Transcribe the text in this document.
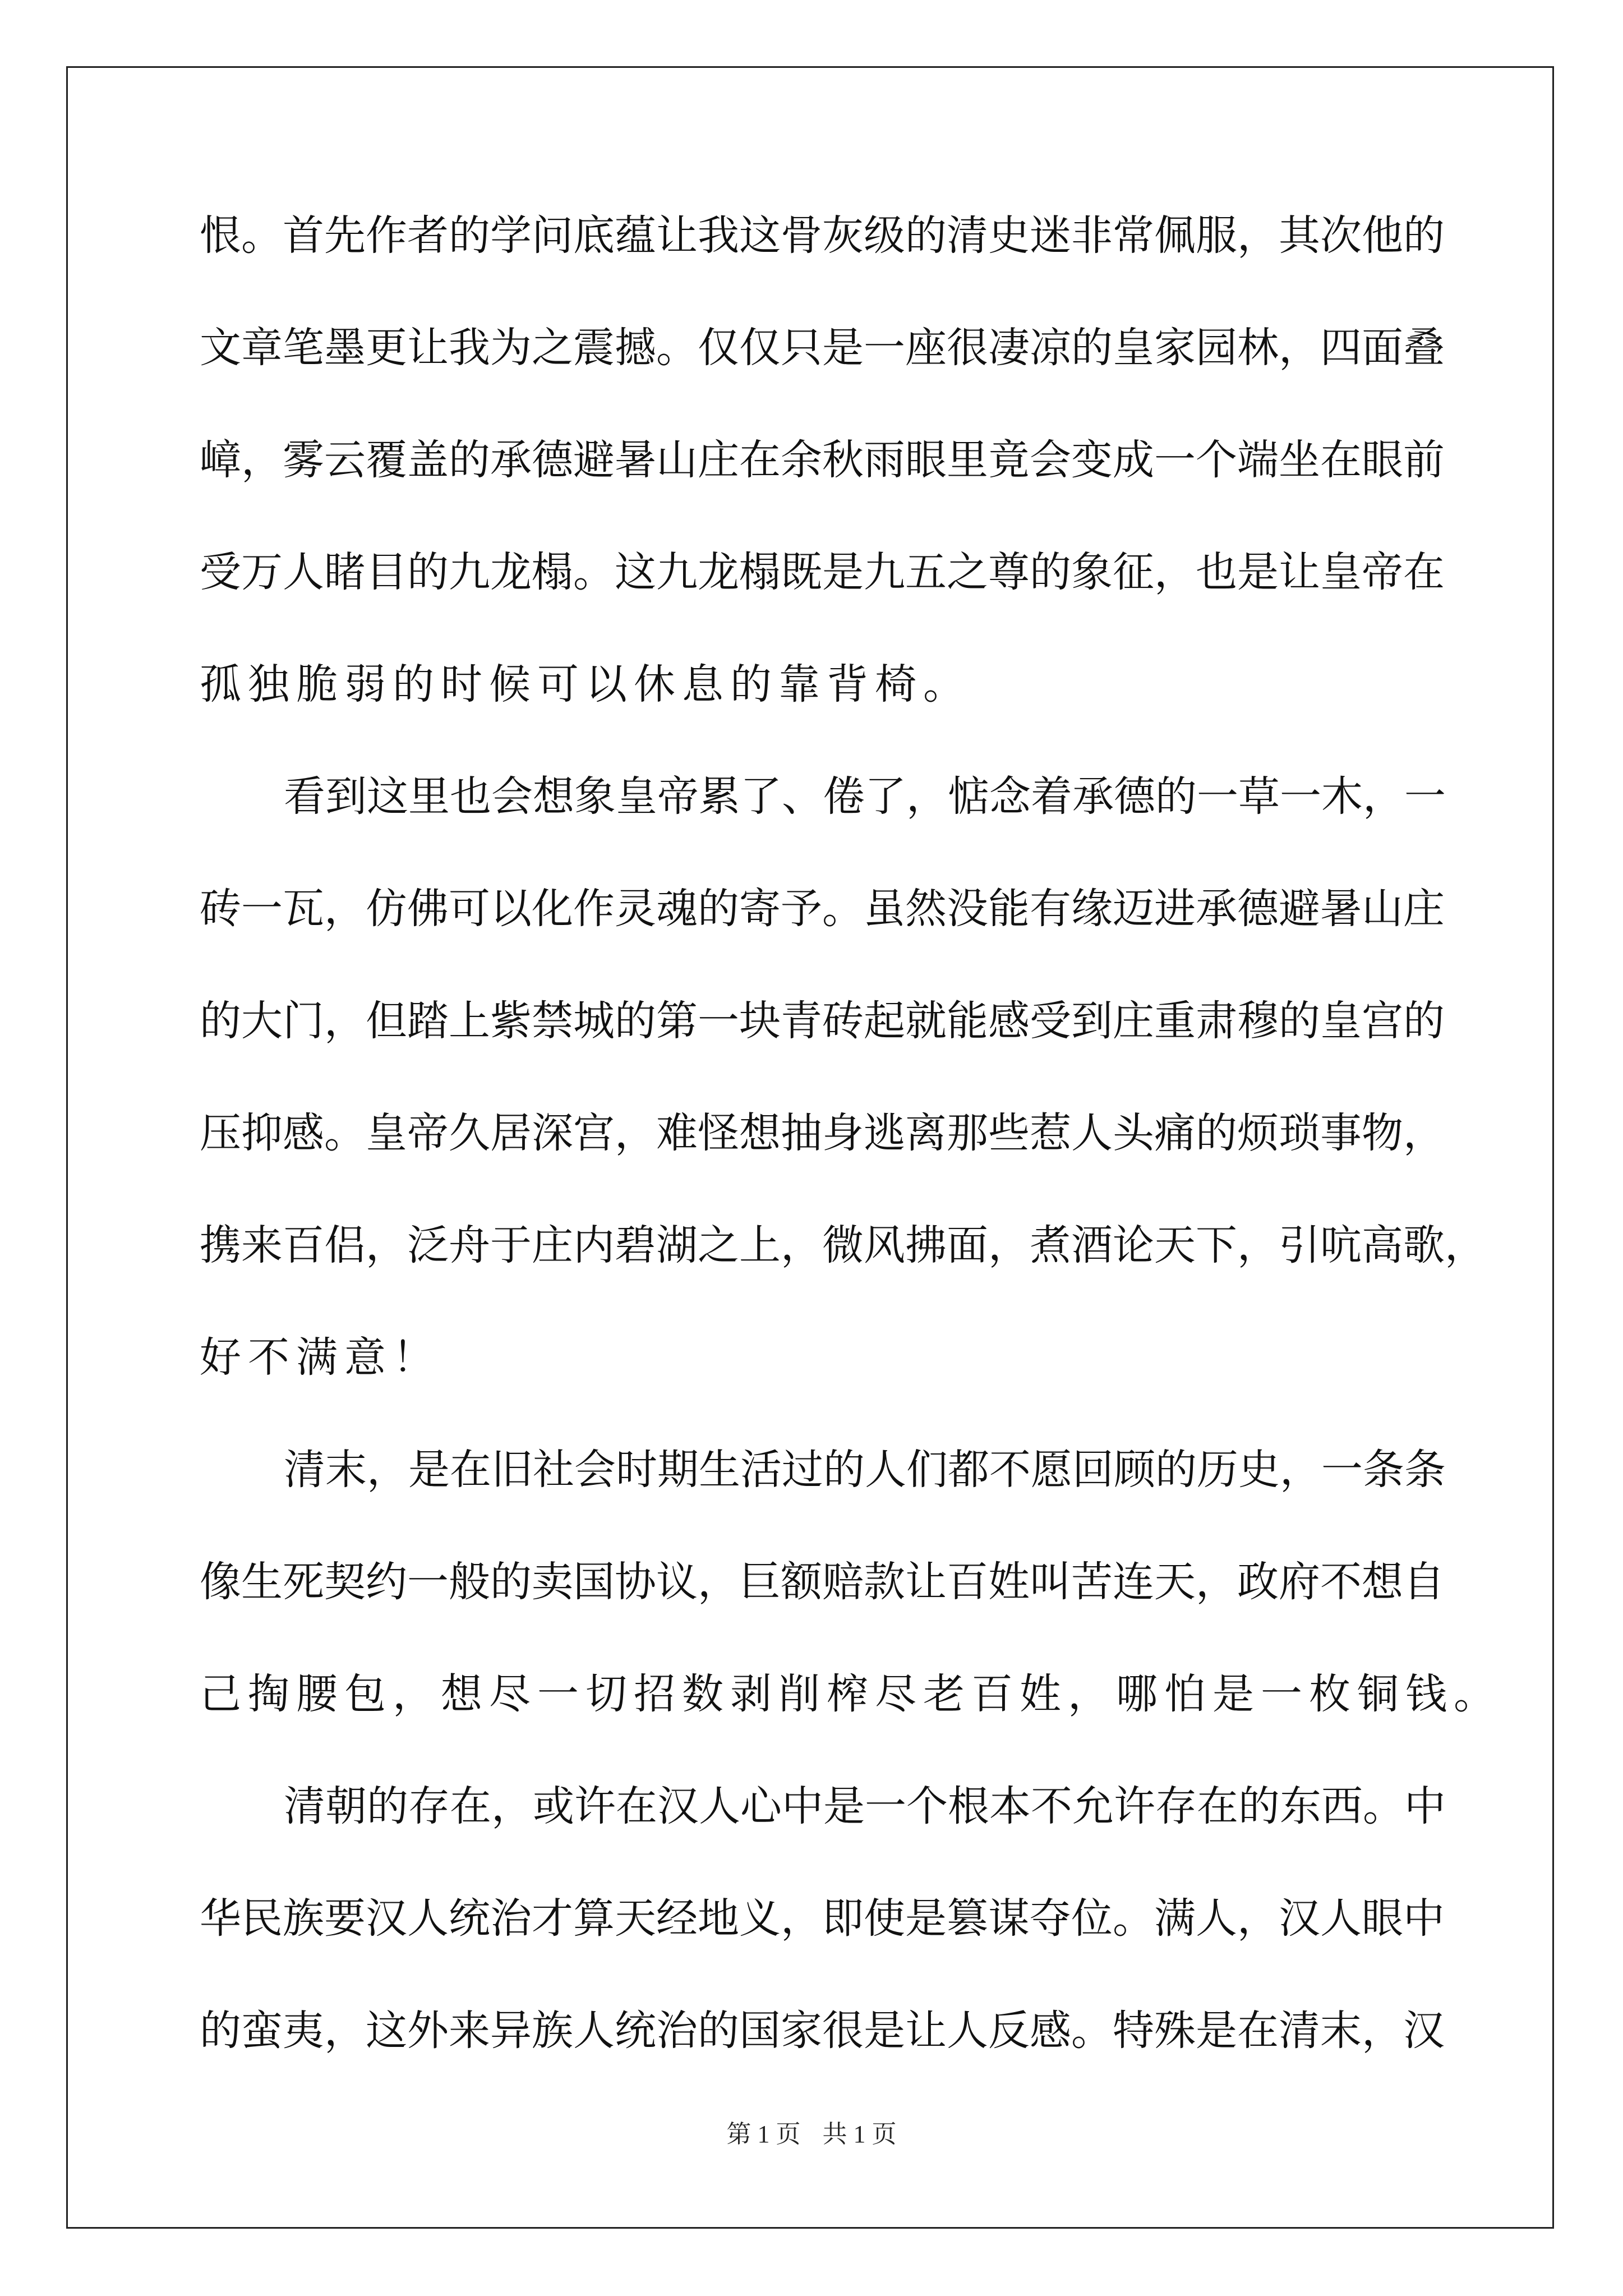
恨 。 首 先 作 者 的 学 问 底 蕴 让 我 这 骨 灰 级 的 清 史 迷 非 常 佩 服 ， 其 次 他 的
文 章 笔 墨 更 让 我 为 之 震 撼 。 仅 仅 只 是 一 座 很 凄 凉 的 皇 家 园 林 ， 四 面 叠
嶂 ， 雾 云 覆 盖 的 承 德 避 暑 山 庄 在 余 秋 雨 眼 里 竟 会 变 成 一 个 端 坐 在 眼 前
受 万 人 睹 目 的 九 龙 榻 。 这 九 龙 榻 既 是 九 五 之 尊 的 象 征 ， 也 是 让 皇 帝 在
孤独脆弱的时候可以休息的靠背椅。
看 到 这 里 也 会 想 象 皇 帝 累 了 、 倦 了 ， 惦 念 着 承 德 的 一 草 一 木 ， 一
砖 一 瓦 ， 仿 佛 可 以 化 作 灵 魂 的 寄 予 。 虽 然 没 能 有 缘 迈 进 承 德 避 暑 山 庄
的 大 门 ， 但 踏 上 紫 禁 城 的 第 一 块 青 砖 起 就 能 感 受 到 庄 重 肃 穆 的 皇 宫 的
压 抑 感 。 皇 帝 久 居 深 宫 ， 难 怪 想 抽 身 逃 离 那 些 惹 人 头 痛 的 烦 琐 事 物 ，
携 来 百 侣 ， 泛 舟 于 庄 内 碧 湖 之 上 ， 微 风 拂 面 ， 煮 酒 论 天 下 ， 引 吭 高 歌 ，
好不满意！
清 末 ， 是 在 旧 社 会 时 期 生 活 过 的 人 们 都 不 愿 回 顾 的 历 史 ， 一 条 条
像 生 死 契 约 一 般 的 卖 国 协 议 ， 巨 额 赔 款 让 百 姓 叫 苦 连 天 ， 政 府 不 想 自
己掏腰包，想尽一切招数剥削榨尽老百姓，哪怕是一枚铜钱。
清 朝 的 存 在 ， 或 许 在 汉 人 心 中 是 一 个 根 本 不 允 许 存 在 的 东 西 。 中
华 民 族 要 汉 人 统 治 才 算 天 经 地 义 ， 即 使 是 篡 谋 夺 位 。 满 人 ， 汉 人 眼 中
的 蛮 夷 ， 这 外 来 异 族 人 统 治 的 国 家 很 是 让 人 反 感 。 特 殊 是 在 清 末 ， 汉
第 1 页 共 1 页
